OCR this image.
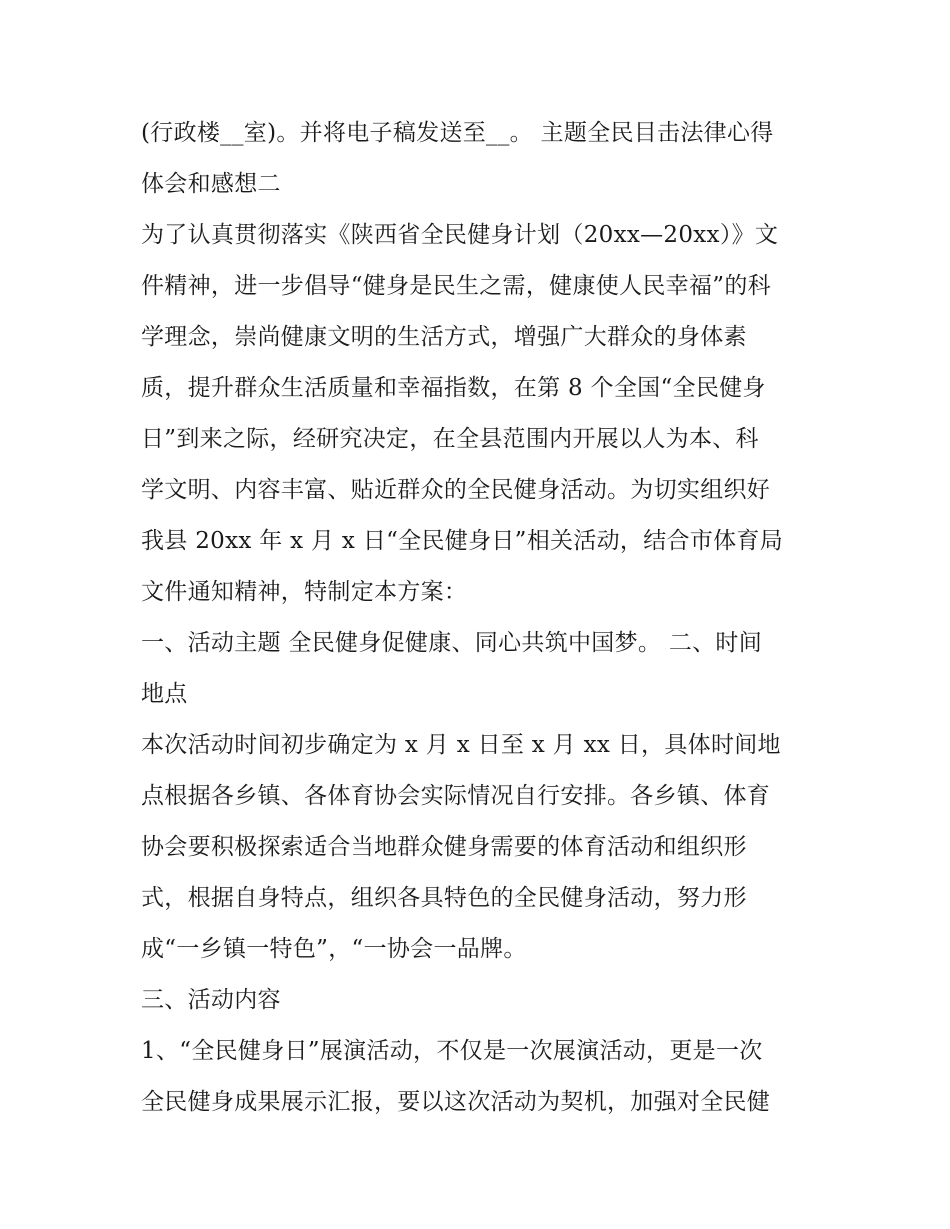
(行政楼__室)。并将电子稿发送至__。 主题全民目击法律心得
体会和感想二
为了认真贯彻落实《陕西省全民健身计划（20xx—20xx）》文
件精神，进一步倡导“健身是民生之需，健康使人民幸福”的科
学理念，崇尚健康文明的生活方式，增强广大群众的身体素
质，提升群众生活质量和幸福指数，在第 8 个全国“全民健身
日”到来之际，经研究决定，在全县范围内开展以人为本、科
学文明、内容丰富、贴近群众的全民健身活动。为切实组织好
我县 20xx 年 x 月 x 日“全民健身日”相关活动，结合市体育局
文件通知精神，特制定本方案：
一、活动主题 全民健身促健康、同心共筑中国梦。 二、时间
地点
本次活动时间初步确定为 x 月 x 日至 x 月 xx 日，具体时间地
点根据各乡镇、各体育协会实际情况自行安排。各乡镇、体育
协会要积极探索适合当地群众健身需要的体育活动和组织形
式，根据自身特点，组织各具特色的全民健身活动，努力形
成“一乡镇一特色”，“一协会一品牌。
三、活动内容
1、“全民健身日”展演活动，不仅是一次展演活动，更是一次
全民健身成果展示汇报，要以这次活动为契机，加强对全民健
